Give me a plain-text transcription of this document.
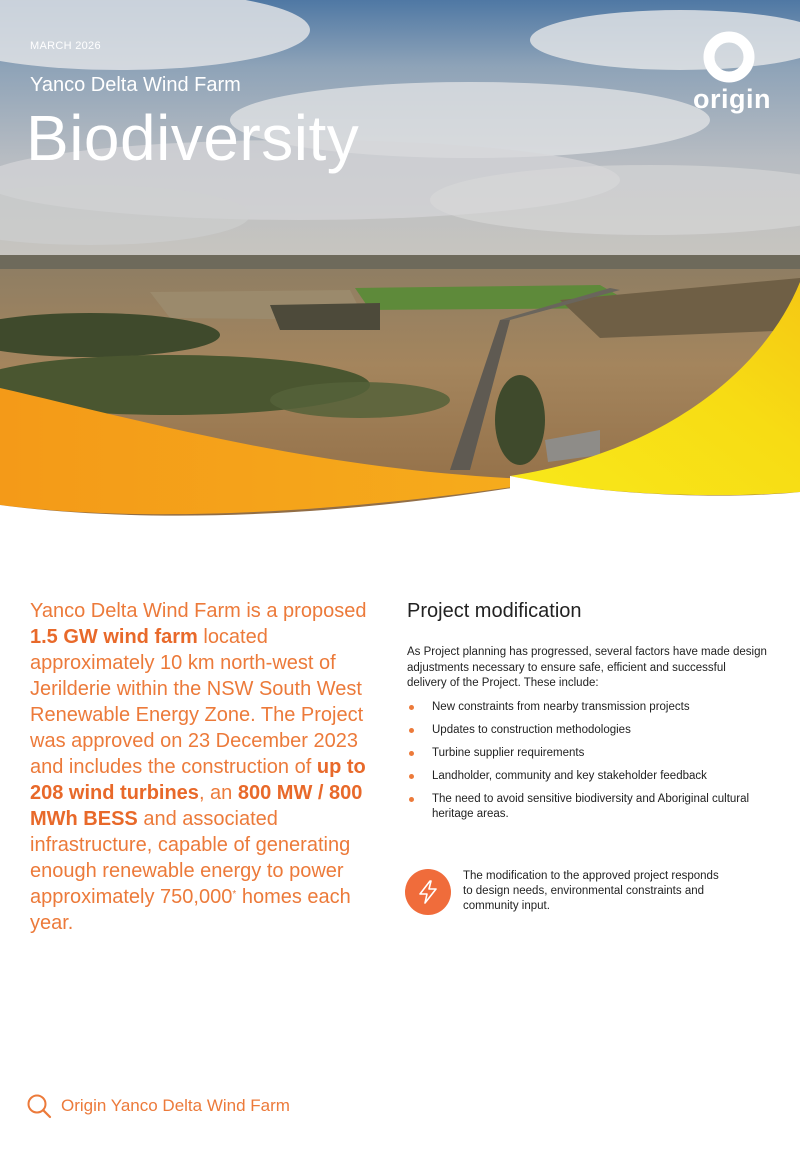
MARCH 2026
Yanco Delta Wind Farm
Biodiversity
origin
Yanco Delta Wind Farm is a proposed 1.5 GW wind farm located approximately 10 km north-west of Jerilderie within the NSW South West Renewable Energy Zone. The Project was approved on 23 December 2023 and includes the construction of up to 208 wind turbines, an 800 MW / 800 MWh BESS and associated infrastructure, capable of generating enough renewable energy to power approximately 750,000* homes each year.
Project modification
As Project planning has progressed, several factors have made design adjustments necessary to ensure safe, efficient and successful delivery of the Project. These include:
New constraints from nearby transmission projects
Updates to construction methodologies
Turbine supplier requirements
Landholder, community and key stakeholder feedback
The need to avoid sensitive biodiversity and Aboriginal cultural heritage areas.
The modification to the approved project responds to design needs, environmental constraints and community input.
Origin Yanco Delta Wind Farm
